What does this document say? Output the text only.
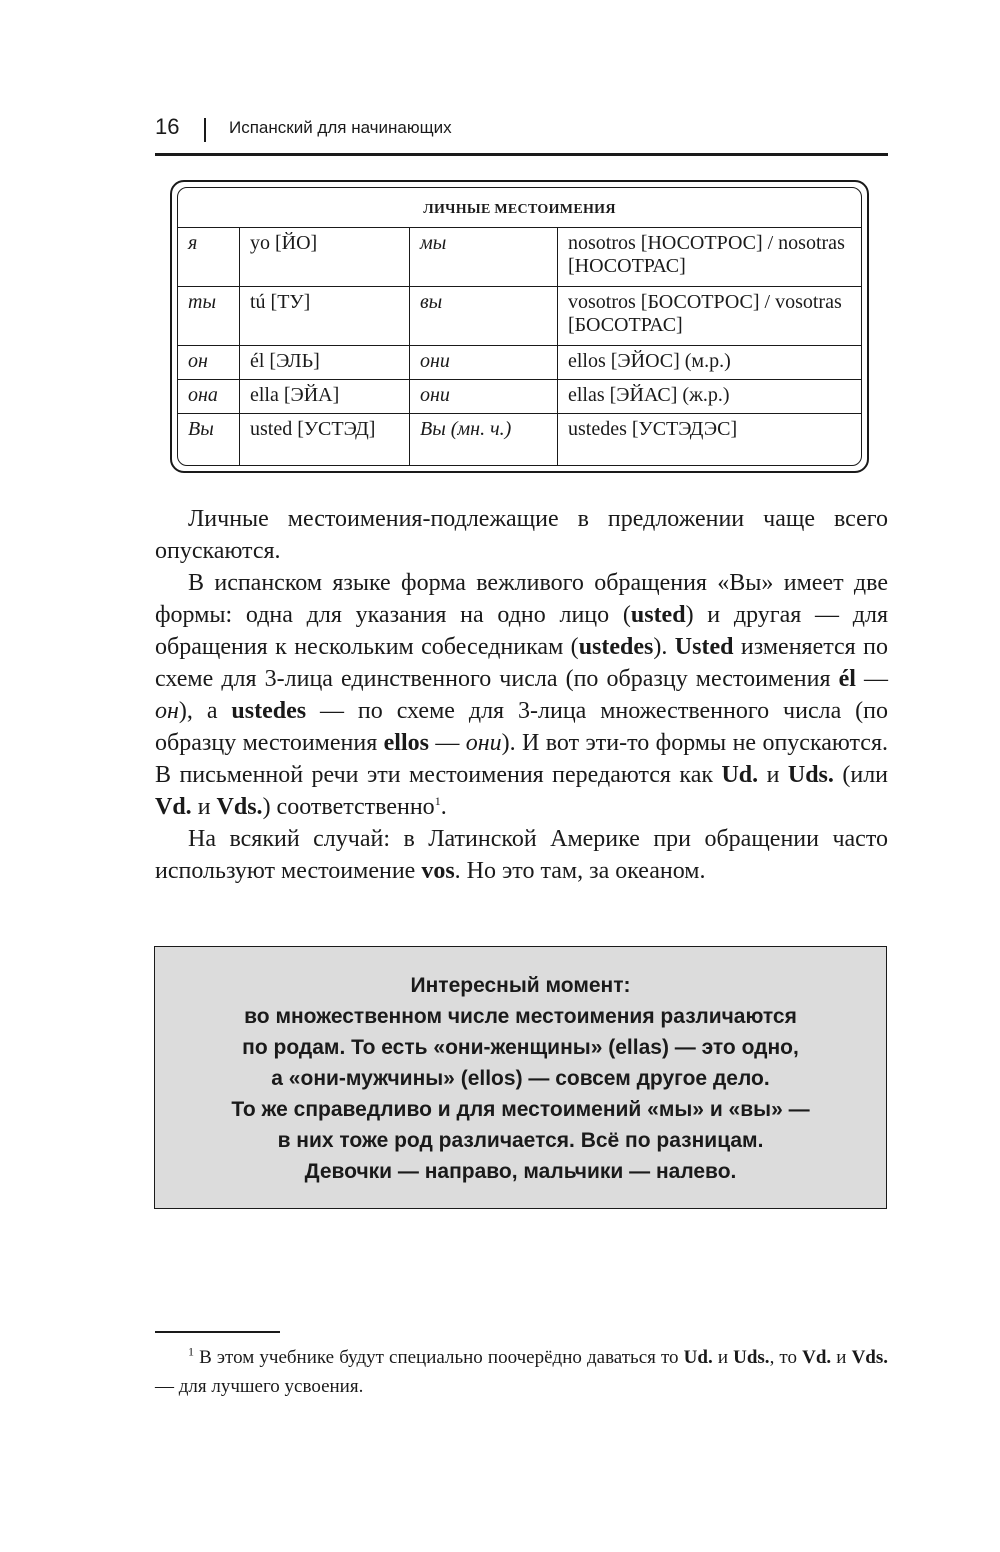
16	Испанский для начинающих
ЛИЧНЫЕ МЕСТОИМЕНИЯ			
я	yo [ЙО]	мы	nosotros [НОСОТРОС] / nosotras [НОСОТРАС]
ты	tú [ТУ]	вы	vosotros [БОСОТРОС] / vosotras [БОСОТРАС]
он	él [ЭЛЬ]	они	ellos [ЭЙОС] (м.р.)
она	ella [ЭЙА]	они	ellas [ЭЙАС] (ж.р.)
Вы	usted [УСТЭД]	Вы (мн. ч.)	ustedes [УСТЭДЭС]

Личные местоимения-подлежащие в предложении чаще всего опускаются.

В испанском языке форма вежливого обращения «Вы» имеет две формы: одна для указания на одно лицо (usted) и другая — для обращения к нескольким собеседникам (ustedes). Usted изменяется по схеме для 3-лица единственного числа (по образцу местоимения él — он), а ustedes — по схеме для 3-лица множественного числа (по образцу местоимения ellos — они). И вот эти-то формы не опускаются. В письменной речи эти местоимения передаются как Ud. и Uds. (или Vd. и Vds.) соответственно$^1$.

На всякий случай: в Латинской Америке при обращении часто используют местоимение vos. Но это там, за океаном.

Интересный момент:
во множественном числе местоимения различаются
по родам. То есть «они-женщины» (ellas) — это одно,
а «они-мужчины» (ellos) — совсем другое дело.
То же справедливо и для местоимений «мы» и «вы» —
в них тоже род различается. Всё по разницам.
Девочки — направо, мальчики — налево.

$^1$ В этом учебнике будут специально поочерёдно даваться то Ud. и Uds., то Vd. и Vds. — для лучшего усвоения.
